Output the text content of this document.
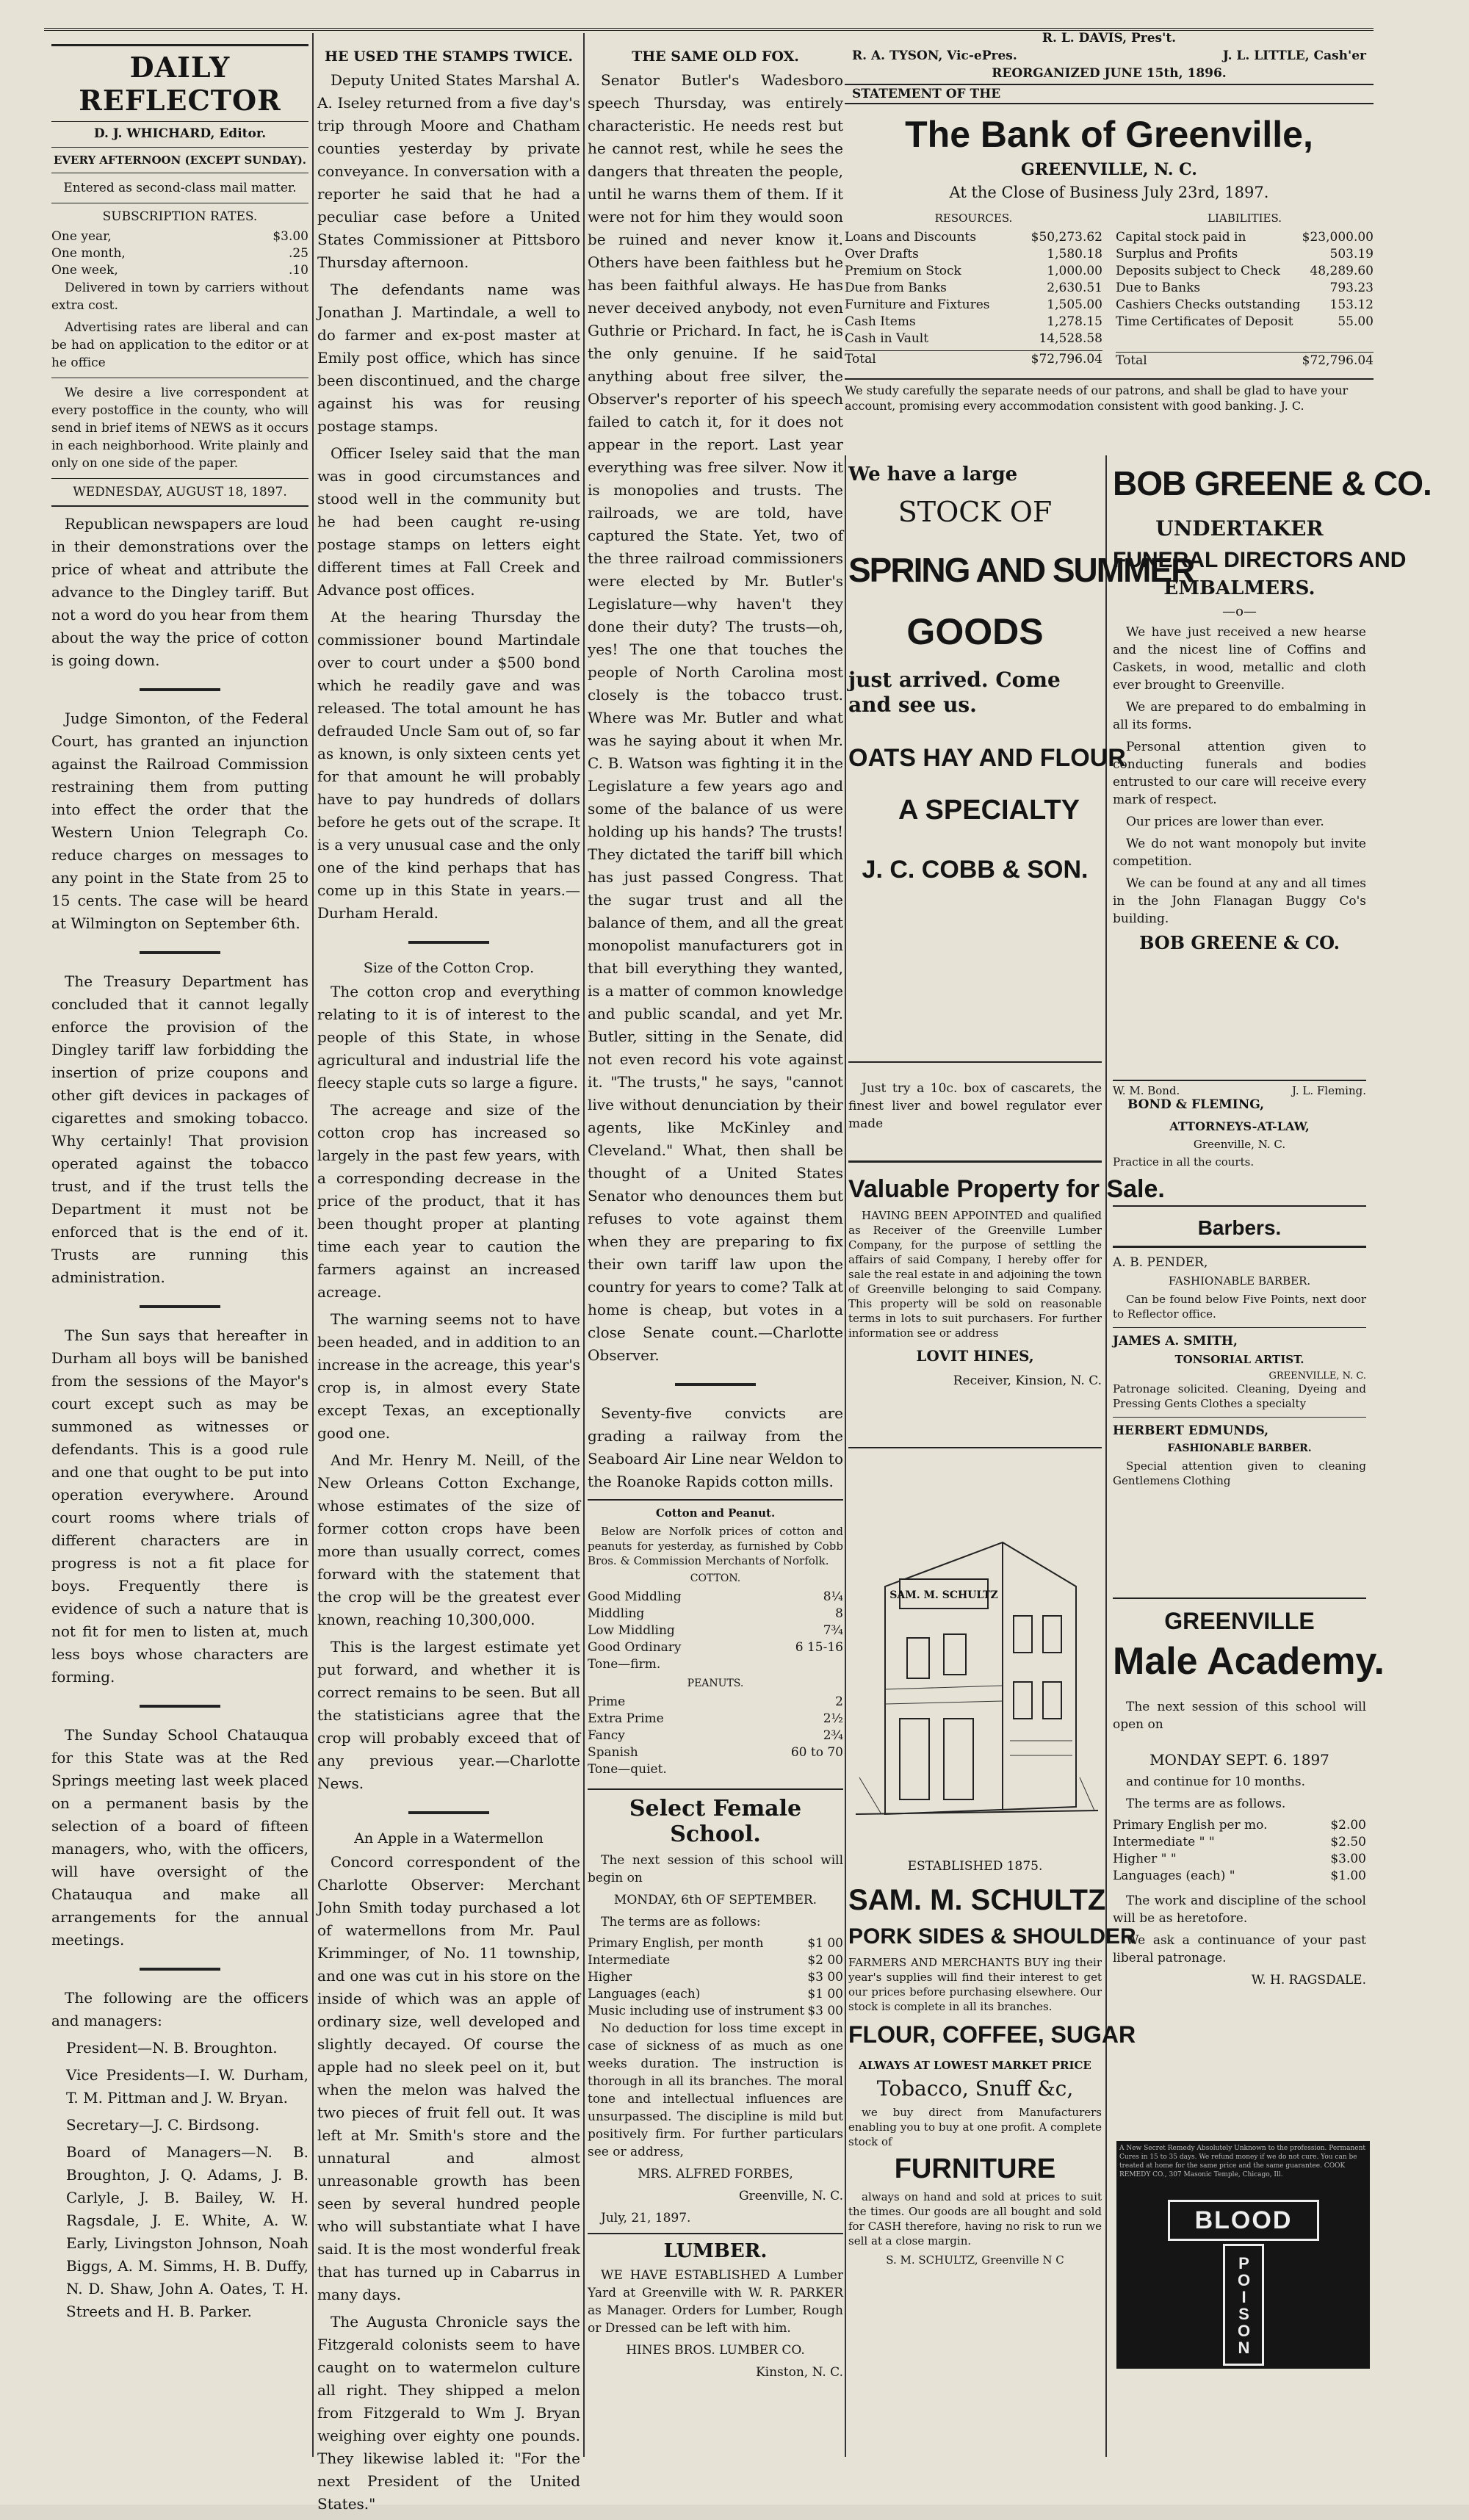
DAILY REFLECTOR
D. J. WHICHARD, Editor.
EVERY AFTERNOON (EXCEPT SUNDAY).

Entered as second-class mail matter.

SUBSCRIPTION RATES.
One year,	$3.00
One month,	.25
One week,	.10

Delivered in town by carriers without extra cost.

Advertising rates are liberal and can be had on application to the editor or at he office

We desire a live correspondent at every postoffice in the county, who will send in brief items of NEWS as it occurs in each neighborhood. Write plainly and only on one side of the paper.

WEDNESDAY, AUGUST 18, 1897.

Republican newspapers are loud in their demonstrations over the price of wheat and attribute the advance to the Dingley tariff. But not a word do you hear from them about the way the price of cotton is going down.

Judge Simonton, of the Federal Court, has granted an injunction against the Railroad Commission restraining them from putting into effect the order that the Western Union Telegraph Co. reduce charges on messages to any point in the State from 25 to 15 cents. The case will be heard at Wilmington on September 6th.

The Treasury Department has concluded that it cannot legally enforce the provision of the Dingley tariff law forbidding the insertion of prize coupons and other gift devices in packages of cigarettes and smoking tobacco. Why certainly! That provision operated against the tobacco trust, and if the trust tells the Department it must not be enforced that is the end of it. Trusts are running this administration.

The Sun says that hereafter in Durham all boys will be banished from the sessions of the Mayor's court except such as may be summoned as witnesses or defendants. This is a good rule and one that ought to be put into operation everywhere. Around court rooms where trials of different characters are in progress is not a fit place for boys. Frequently there is evidence of such a nature that is not fit for men to listen at, much less boys whose characters are forming.

The Sunday School Chatauqua for this State was at the Red Springs meeting last week placed on a permanent basis by the selection of a board of fifteen managers, who, with the officers, will have oversight of the Chatauqua and make all arrangements for the annual meetings.

The following are the officers and managers:

President—N. B. Broughton.

Vice Presidents—I. W. Durham, T. M. Pittman and J. W. Bryan.

Secretary—J. C. Birdsong.

Board of Managers—N. B. Broughton, J. Q. Adams, J. B. Carlyle, J. B. Bailey, W. H. Ragsdale, J. E. White, A. W. Early, Livingston Johnson, Noah Biggs, A. M. Simms, H. B. Duffy, N. D. Shaw, John A. Oates, T. H. Streets and H. B. Parker.

HE USED THE STAMPS TWICE.

Deputy United States Marshal A. A. Iseley returned from a five day's trip through Moore and Chatham counties yesterday by private conveyance. In conversation with a reporter he said that he had a peculiar case before a United States Commissioner at Pittsboro Thursday afternoon.

The defendants name was Jonathan J. Martindale, a well to do farmer and ex-post master at Emily post office, which has since been discontinued, and the charge against his was for reusing postage stamps.

Officer Iseley said that the man was in good circumstances and stood well in the community but he had been caught re-using postage stamps on letters eight different times at Fall Creek and Advance post offices.

At the hearing Thursday the commissioner bound Martindale over to court under a $500 bond which he readily gave and was released. The total amount he has defrauded Uncle Sam out of, so far as known, is only sixteen cents yet for that amount he will probably have to pay hundreds of dollars before he gets out of the scrape. It is a very unusual case and the only one of the kind perhaps that has come up in this State in years.—Durham Herald.

Size of the Cotton Crop.

The cotton crop and everything relating to it is of interest to the people of this State, in whose agricultural and industrial life the fleecy staple cuts so large a figure.

The acreage and size of the cotton crop has increased so largely in the past few years, with a corresponding decrease in the price of the product, that it has been thought proper at planting time each year to caution the farmers against an increased acreage.

The warning seems not to have been headed, and in addition to an increase in the acreage, this year's crop is, in almost every State except Texas, an exceptionally good one.

And Mr. Henry M. Neill, of the New Orleans Cotton Exchange, whose estimates of the size of former cotton crops have been more than usually correct, comes forward with the statement that the crop will be the greatest ever known, reaching 10,300,000.

This is the largest estimate yet put forward, and whether it is correct remains to be seen. But all the statisticians agree that the crop will probably exceed that of any previous year.—Charlotte News.

An Apple in a Watermellon

Concord correspondent of the Charlotte Observer: Merchant John Smith today purchased a lot of watermellons from Mr. Paul Krimminger, of No. 11 township, and one was cut in his store on the inside of which was an apple of ordinary size, well developed and slightly decayed. Of course the apple had no sleek peel on it, but when the melon was halved the two pieces of fruit fell out. It was left at Mr. Smith's store and the unnatural and almost unreasonable growth has been seen by several hundred people who will substantiate what I have said. It is the most wonderful freak that has turned up in Cabarrus in many days.

The Augusta Chronicle says the Fitzgerald colonists seem to have caught on to watermelon culture all right. They shipped a melon from Fitzgerald to Wm J. Bryan weighing over eighty one pounds. They likewise labled it: "For the next President of the United States."

THE SAME OLD FOX.

Senator Butler's Wadesboro speech Thursday, was entirely characteristic. He needs rest but he cannot rest, while he sees the dangers that threaten the people, until he warns them of them. If it were not for him they would soon be ruined and never know it. Others have been faithless but he has been faithful always. He has never deceived anybody, not even Guthrie or Prichard. In fact, he is the only genuine. If he said anything about free silver, the Observer's reporter of his speech failed to catch it, for it does not appear in the report. Last year everything was free silver. Now it is monopolies and trusts. The railroads, we are told, have captured the State. Yet, two of the three railroad commissioners were elected by Mr. Butler's Legislature—why haven't they done their duty? The trusts—oh, yes! The one that touches the people of North Carolina most closely is the tobacco trust. Where was Mr. Butler and what was he saying about it when Mr. C. B. Watson was fighting it in the Legislature a few years ago and some of the balance of us were holding up his hands? The trusts! They dictated the tariff bill which has just passed Congress. That the sugar trust and all the balance of them, and all the great monopolist manufacturers got in that bill everything they wanted, is a matter of common knowledge and public scandal, and yet Mr. Butler, sitting in the Senate, did not even record his vote against it. "The trusts," he says, "cannot live without denunciation by their agents, like McKinley and Cleveland." What, then shall be thought of a United States Senator who denounces them but refuses to vote against them when they are preparing to fix their own tariff law upon the country for years to come? Talk at home is cheap, but votes in a close Senate count.—Charlotte Observer.

Seventy-five convicts are grading a railway from the Seaboard Air Line near Weldon to the Roanoke Rapids cotton mills.

Cotton and Peanut.

Below are Norfolk prices of cotton and peanuts for yesterday, as furnished by Cobb Bros. & Commission Merchants of Norfolk.

COTTON.
Good Middling	8¼
Middling	8
Low Middling	7¾
Good Ordinary	6 15-16
Tone—firm.
PEANUTS.
Prime	2
Extra Prime	2½
Fancy	2¾
Spanish	60 to 70
Tone—quiet.
Select Female School.

The next session of this school will begin on

MONDAY, 6th OF SEPTEMBER.

The terms are as follows:

Primary English, per month	$1 00
Intermediate	$2 00
Higher	$3 00
Languages (each)	$1 00
Music including use of instrument $3 00

No deduction for loss time except in case of sickness of as much as one weeks duration. The instruction is thorough in all its branches. The moral tone and intellectual influences are unsurpassed. The discipline is mild but positively firm. For further particulars see or address,

MRS. ALFRED FORBES,

Greenville, N. C.

July, 21, 1897.

LUMBER.

WE HAVE ESTABLISHED A Lumber Yard at Greenville with W. R. PARKER as Manager. Orders for Lumber, Rough or Dressed can be left with him.

HINES BROS. LUMBER CO.

Kinston, N. C.

R. L. DAVIS, Pres't.
R. A. TYSON, Vic-ePres.	J. L. LITTLE, Cash'er
REORGANIZED JUNE 15th, 1896.
STATEMENT OF THE
The Bank of Greenville,
GREENVILLE, N. C.
At the Close of Business July 23rd, 1897.
RESOURCES.
Loans and Discounts	$50,273.62
Over Drafts	1,580.18
Premium on Stock	1,000.00
Due from Banks	2,630.51
Furniture and Fixtures	1,505.00
Cash Items	1,278.15
Cash in Vault	14,528.58
Total	$72,796.04
LIABILITIES.
Capital stock paid in	$23,000.00
Surplus and Profits	503.19
Deposits subject to Check 48,289.60
Due to Banks	793.23
Cashiers Checks outstanding 153.12
Time Certificates of Deposit	55.00
Total	$72,796.04
We study carefully the separate needs of our patrons, and shall be glad to have your account, promising every accommodation consistent with good banking. J. C.
We have a large
STOCK OF
SPRING AND SUMMER
GOODS
just arrived. Come and see us.
OATS HAY AND FLOUR
A SPECIALTY
J. C. COBB & SON.

Just try a 10c. box of cascarets, the finest liver and bowel regulator ever made

Valuable Property for Sale.

HAVING BEEN APPOINTED and qualified as Receiver of the Greenville Lumber Company, for the purpose of settling the affairs of said Company, I hereby offer for sale the real estate in and adjoining the town of Greenville belonging to said Company. This property will be sold on reasonable terms in lots to suit purchasers. For further information see or address

LOVIT HINES,

Receiver, Kinsion, N. C.

SAM. M. SCHULTZ
ESTABLISHED 1875.
SAM. M. SCHULTZ
PORK SIDES & SHOULDER

FARMERS AND MERCHANTS BUY ing their year's supplies will find their interest to get our prices before purchasing elsewhere. Our stock is complete in all its branches.

FLOUR, COFFEE, SUGAR
ALWAYS AT LOWEST MARKET PRICE
Tobacco, Snuff &c,

we buy direct from Manufacturers enabling you to buy at one profit. A complete stock of

FURNITURE

always on hand and sold at prices to suit the times. Our goods are all bought and sold for CASH therefore, having no risk to run we sell at a close margin.

S. M. SCHULTZ, Greenville N C

BOB GREENE & CO.
UNDERTAKER
FUNERAL DIRECTORS AND
EMBALMERS.
—o—

We have just received a new hearse and the nicest line of Coffins and Caskets, in wood, metallic and cloth ever brought to Greenville.

We are prepared to do embalming in all its forms.

Personal attention given to conducting funerals and bodies entrusted to our care will receive every mark of respect.

Our prices are lower than ever.

We do not want monopoly but invite competition.

We can be found at any and all times in the John Flanagan Buggy Co's building.

BOB GREENE & CO.
W. M. Bond.	J. L. Fleming.
BOND & FLEMING,
ATTORNEYS-AT-LAW,
Greenville, N. C.
Practice in all the courts.
Barbers.
A. B. PENDER,
FASHIONABLE BARBER.

Can be found below Five Points, next door to Reflector office.

JAMES A. SMITH,
TONSORIAL ARTIST.
GREENVILLE, N. C.

Patronage solicited. Cleaning, Dyeing and Pressing Gents Clothes a specialty

HERBERT EDMUNDS,
FASHIONABLE BARBER.

Special attention given to cleaning Gentlemens Clothing

GREENVILLE
Male Academy.

The next session of this school will open on

MONDAY SEPT. 6. 1897

and continue for 10 months.

The terms are as follows.

Primary English per mo.	$2.00
Intermediate " "	$2.50
Higher " "	$3.00
Languages (each) "	$1.00

The work and discipline of the school will be as heretofore.

We ask a continuance of your past liberal patronage.

W. H. RAGSDALE.

A New Secret Remedy Absolutely Unknown to the profession. Permanent Cures in 15 to 35 days. We refund money if we do not cure. You can be treated at home for the same price and the same guarantee. COOK REMEDY CO., 307 Masonic Temple, Chicago, Ill.
BLOOD
POISON
